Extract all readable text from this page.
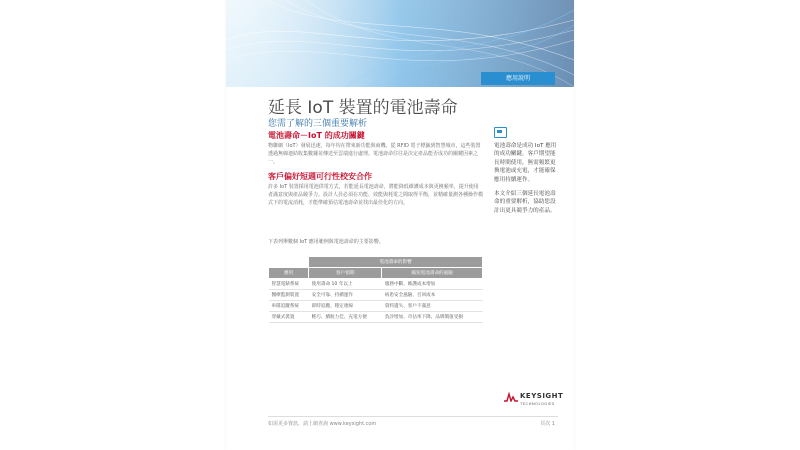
應用說明
延長 IoT 裝置的電池壽命
您需了解的三個重要解析
電池壽命－IoT 的成功關鍵
物聯網（IoT）發展迅速，每年均在帶來新功能與商機。從 RFID 電子標籤到智慧城市，這些裝置透過無線連結收集數據並傳送至雲端進行處理。電池壽命往往是決定產品能否成功的關鍵因素之一。
客戶偏好短週可行性校安合作
許多 IoT 裝置採用電池供電方式，若能延長電池壽命，將能降低維護成本與更換頻率，提升使用者滿意度與產品競爭力。設計人員必須在功能、效能與耗電之間取得平衡，並精確量測各種操作模式下的電流消耗，才能準確預估電池壽命並找出最佳化的方向。
下表列舉數個 IoT 應用範例與電池壽命的主要影響。
電池壽命是成功 IoT 應用的成功關鍵，客戶期望能長時間使用，無需頻繁更換電池或充電，才能確保應用持續運作。
本文介紹三個延長電池壽命的重要解析，協助您設計出更具競爭力的產品。
	電池壽命的影響	
應用	客戶預期	縮短電池壽命的風險
智慧電錶系統	使用壽命 10 年以上	服務中斷、維護成本增加
醫療監測裝置	安全可靠、持續運作	病患安全風險、召回成本
車隊追蹤系統	即時追蹤、穩定連線	資料遺失、客戶不滿意
穿戴式裝置	輕巧、續航力佳、充電方便	負評增加、市佔率下降、品牌價值受損
KEYSIGHT
TECHNOLOGIES
如需更多資訊，請上網查詢 www.keysight.com	頁次 1
